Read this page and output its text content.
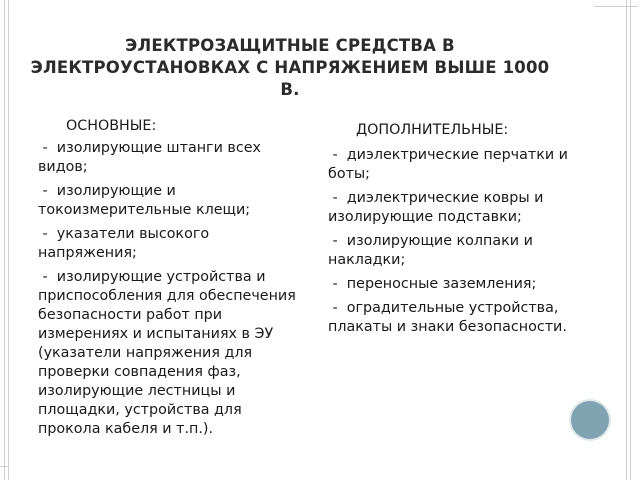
ЭЛЕКТРОЗАЩИТНЫЕ СРЕДСТВА В ЭЛЕКТРОУСТАНОВКАХ С НАПРЯЖЕНИЕМ ВЫШЕ 1000 В.
ОСНОВНЫЕ:
-  изолирующие штанги всех видов;
-  изолирующие и токоизмерительные клещи;
-  указатели высокого напряжения;
-  изолирующие устройства и приспособления для обеспечения безопасности работ при измерениях и испытаниях в ЭУ (указатели напряжения для проверки совпадения фаз, изолирующие лестницы и площадки, устройства для прокола кабеля и т.п.).
ДОПОЛНИТЕЛЬНЫЕ:
-  диэлектрические перчатки и боты;
-  диэлектрические ковры и изолирующие подставки;
-  изолирующие колпаки и накладки;
-  переносные заземления;
-  оградительные устройства, плакаты и знаки безопасности.
